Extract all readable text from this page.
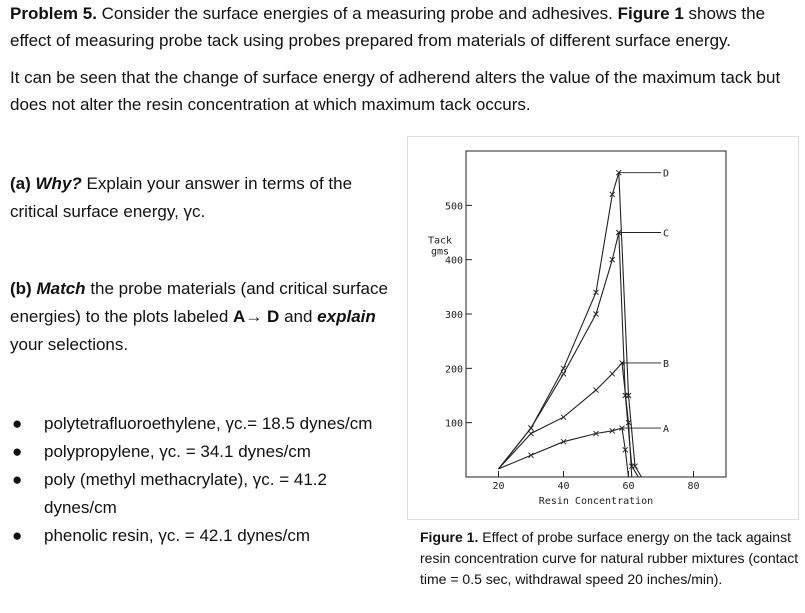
Problem 5. Consider the surface energies of a measuring probe and adhesives. Figure 1 shows the effect of measuring probe tack using probes prepared from materials of different surface energy.
It can be seen that the change of surface energy of adherend alters the value of the maximum tack but does not alter the resin concentration at which maximum tack occurs.
(a) Why? Explain your answer in terms of the critical surface energy, γc.
(b) Match the probe materials (and critical surface energies) to the plots labeled A→ D and explain your selections.
● polytetrafluoroethylene, γc.= 18.5 dynes/cm
● polypropylene, γc. = 34.1 dynes/cm
● poly (methyl methacrylate), γc. = 41.2 dynes/cm
● phenolic resin, γc. = 42.1 dynes/cm
100
200
300
400
500
20	40	60	80
Tack
gms
Resin Concentration
D
C
B
A
Figure 1. Effect of probe surface energy on the tack against resin concentration curve for natural rubber mixtures (contact time = 0.5 sec, withdrawal speed 20 inches/min).
